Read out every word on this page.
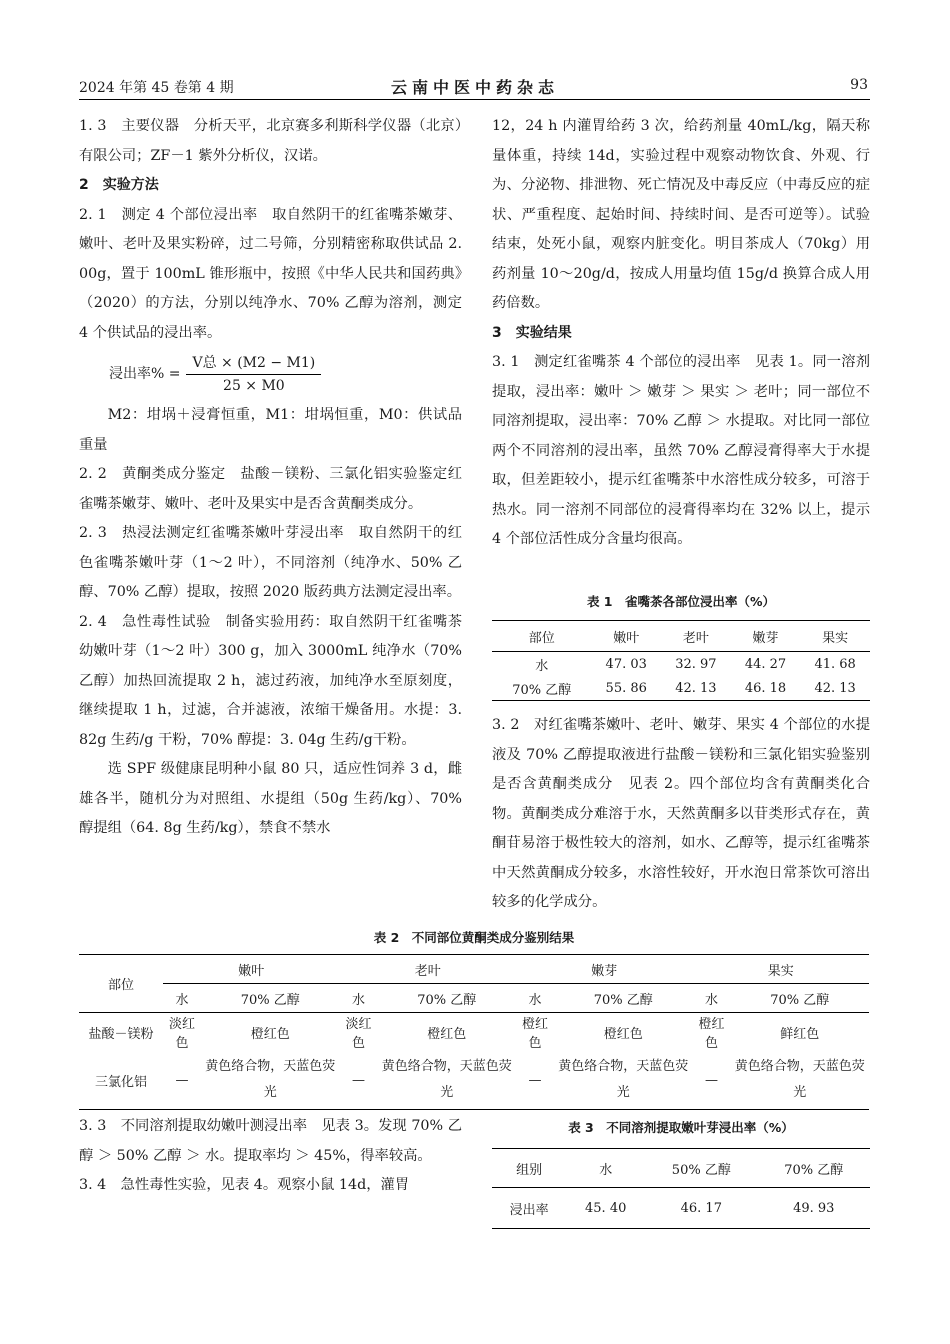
2024 年第 45 卷第 4 期	云南中医中药杂志	93

1. 3　主要仪器　分析天平，北京赛多利斯科学仪器（北京）有限公司；ZF－1 紫外分析仪，汉诺。

2　实验方法

2. 1　测定 4 个部位浸出率　取自然阴干的红雀嘴茶嫩芽、嫩叶、老叶及果实粉碎，过二号筛，分别精密称取供试品 2. 00g，置于 100mL 锥形瓶中，按照《中华人民共和国药典》（2020）的方法，分别以纯净水、70% 乙醇为溶剂，测定 4 个供试品的浸出率。

浸出率% = $\frac{\text{V总 × (M2 − M1)}}{25 \times M0}$

M2：坩埚＋浸膏恒重，M1：坩埚恒重，M0：供试品重量

2. 2　黄酮类成分鉴定　盐酸－镁粉、三氯化铝实验鉴定红雀嘴茶嫩芽、嫩叶、老叶及果实中是否含黄酮类成分。

2. 3　热浸法测定红雀嘴茶嫩叶芽浸出率　取自然阴干的红色雀嘴茶嫩叶芽（1～2 叶），不同溶剂（纯净水、50% 乙醇、70% 乙醇）提取，按照 2020 版药典方法测定浸出率。

2. 4　急性毒性试验　制备实验用药：取自然阴干红雀嘴茶幼嫩叶芽（1～2 叶）300 g，加入 3000mL 纯净水（70% 乙醇）加热回流提取 2 h，滤过药液，加纯净水至原刻度，继续提取 1 h，过滤，合并滤液，浓缩干燥备用。水提：3. 82g 生药/g 干粉，70% 醇提：3. 04g 生药/g干粉。

选 SPF 级健康昆明种小鼠 80 只，适应性饲养 3 d，雌雄各半，随机分为对照组、水提组（50g 生药/kg）、70% 醇提组（64. 8g 生药/kg），禁食不禁水

12，24 h 内灌胃给药 3 次，给药剂量 40mL/kg，隔天称量体重，持续 14d，实验过程中观察动物饮食、外观、行为、分泌物、排泄物、死亡情况及中毒反应（中毒反应的症状、严重程度、起始时间、持续时间、是否可逆等）。试验结束，处死小鼠，观察内脏变化。明目茶成人（70kg）用药剂量 10～20g/d，按成人用量均值 15g/d 换算合成人用药倍数。

3　实验结果

3. 1　测定红雀嘴茶 4 个部位的浸出率　见表 1。同一溶剂提取，浸出率：嫩叶 ＞ 嫩芽 ＞ 果实 ＞ 老叶；同一部位不同溶剂提取，浸出率：70% 乙醇 ＞ 水提取。对比同一部位两个不同溶剂的浸出率，虽然 70% 乙醇浸膏得率大于水提取，但差距较小，提示红雀嘴茶中水溶性成分较多，可溶于热水。同一溶剂不同部位的浸膏得率均在 32% 以上，提示 4 个部位活性成分含量均很高。

表 1　雀嘴茶各部位浸出率（%）
部位	嫩叶	老叶	嫩芽	果实
水	47. 03	32. 97	44. 27	41. 68
70% 乙醇	55. 86	42. 13	46. 18	42. 13

3. 2　对红雀嘴茶嫩叶、老叶、嫩芽、果实 4 个部位的水提液及 70% 乙醇提取液进行盐酸－镁粉和三氯化铝实验鉴别是否含黄酮类成分　见表 2。四个部位均含有黄酮类化合物。黄酮类成分难溶于水，天然黄酮多以苷类形式存在，黄酮苷易溶于极性较大的溶剂，如水、乙醇等，提示红雀嘴茶中天然黄酮成分较多，水溶性较好，开水泡日常茶饮可溶出较多的化学成分。

表 2　不同部位黄酮类成分鉴别结果
部位	嫩叶		老叶		嫩芽		果实	
	水	70% 乙醇	水	70% 乙醇	水	70% 乙醇	水	70% 乙醇
盐酸－镁粉	淡红色	橙红色	淡红色	橙红色	橙红色	橙红色	橙红色	鲜红色
三氯化铝	—	黄色络合物，天蓝色荧光	—	黄色络合物，天蓝色荧光	—	黄色络合物，天蓝色荧光	—	黄色络合物，天蓝色荧光

3. 3　不同溶剂提取幼嫩叶测浸出率　见表 3。发现 70% 乙醇 ＞ 50% 乙醇 ＞ 水。提取率均 ＞ 45%，得率较高。

3. 4　急性毒性实验，见表 4。观察小鼠 14d，灌胃

表 3　不同溶剂提取嫩叶芽浸出率（%）
组别	水	50% 乙醇	70% 乙醇
浸出率	45. 40	46. 17	49. 93
